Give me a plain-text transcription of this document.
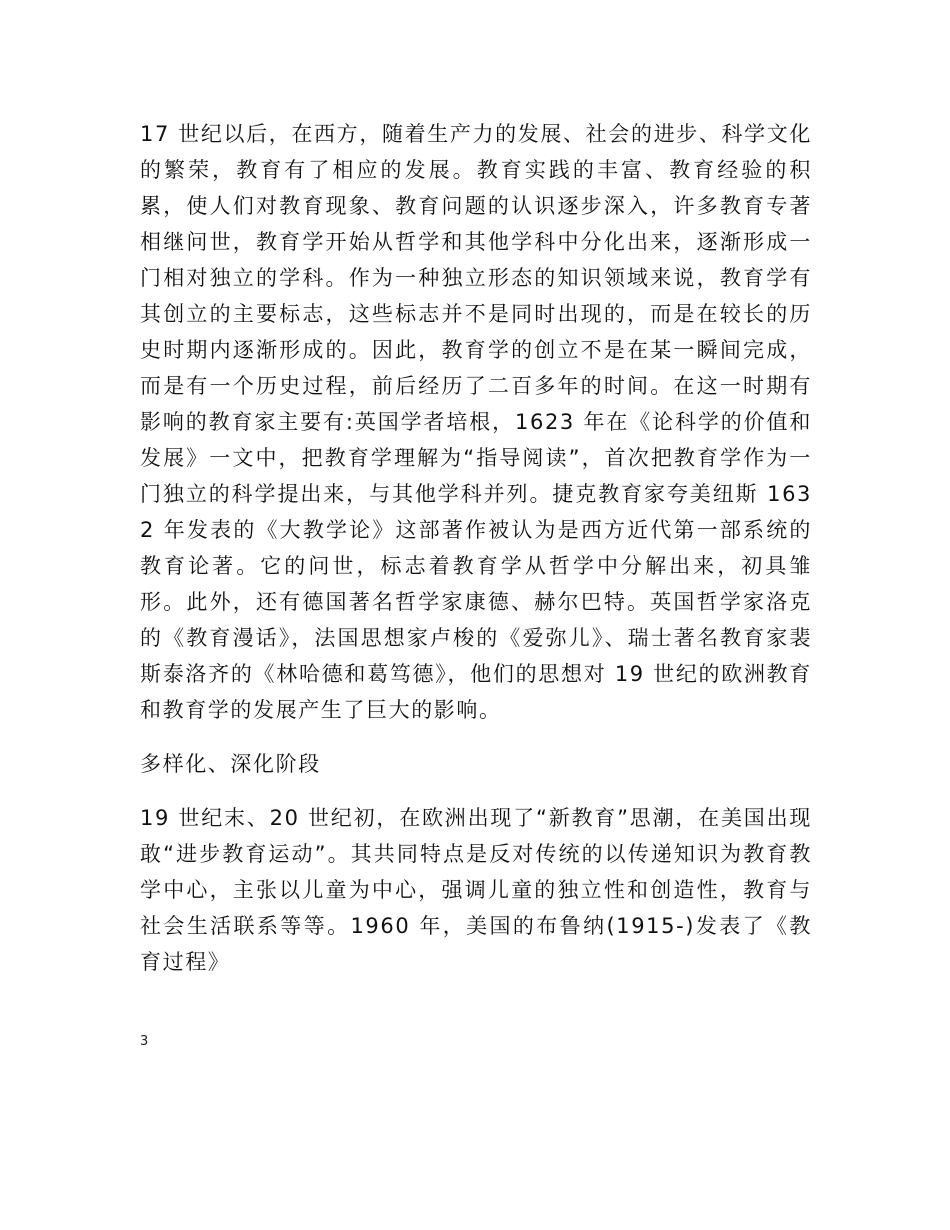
17 世纪以后，在西方，随着生产力的发展、社会的进步、科学文化的繁荣，教育有了相应的发展。教育实践的丰富、教育经验的积累，使人们对教育现象、教育问题的认识逐步深入，许多教育专著相继问世，教育学开始从哲学和其他学科中分化出来，逐渐形成一门相对独立的学科。作为一种独立形态的知识领域来说，教育学有其创立的主要标志，这些标志并不是同时出现的，而是在较长的历史时期内逐渐形成的。因此，教育学的创立不是在某一瞬间完成，而是有一个历史过程，前后经历了二百多年的时间。在这一时期有影响的教育家主要有:英国学者培根，1623 年在《论科学的价值和发展》一文中，把教育学理解为“指导阅读”，首次把教育学作为一门独立的科学提出来，与其他学科并列。捷克教育家夸美纽斯 1632 年发表的《大教学论》这部著作被认为是西方近代第一部系统的教育论著。它的问世，标志着教育学从哲学中分解出来，初具雏形。此外，还有德国著名哲学家康德、赫尔巴特。英国哲学家洛克的《教育漫话》，法国思想家卢梭的《爱弥儿》、瑞士著名教育家裴斯泰洛齐的《林哈德和葛笃德》，他们的思想对 19 世纪的欧洲教育和教育学的发展产生了巨大的影响。

多样化、深化阶段

19 世纪末、20 世纪初，在欧洲出现了“新教育”思潮，在美国出现敢“进步教育运动”。其共同特点是反对传统的以传递知识为教育教学中心，主张以儿童为中心，强调儿童的独立性和创造性，教育与社会生活联系等等。1960 年，美国的布鲁纳(1915-)发表了《教育过程》

3
